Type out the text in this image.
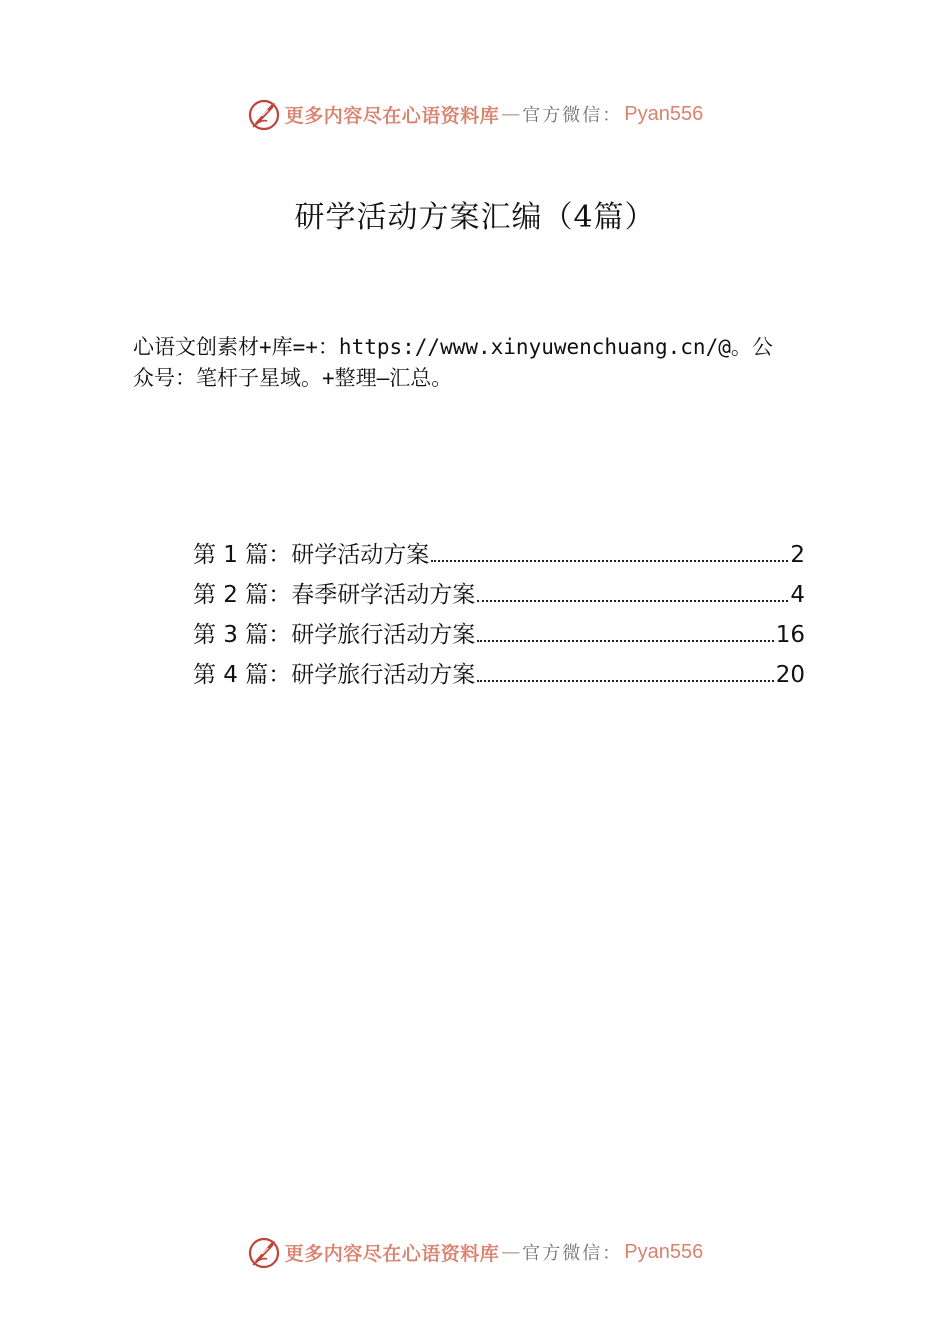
更多内容尽在心语资料库 — 官方微信： Pyan556
研学活动方案汇编（4篇）
心语文创素材+库=+：https://www.xinyuwenchuang.cn/@。公
众号：笔杆子星域。+整理—汇总。
第 1 篇：研学活动方案	2
第 2 篇：春季研学活动方案	4
第 3 篇：研学旅行活动方案	16
第 4 篇：研学旅行活动方案	20
更多内容尽在心语资料库 — 官方微信： Pyan556
